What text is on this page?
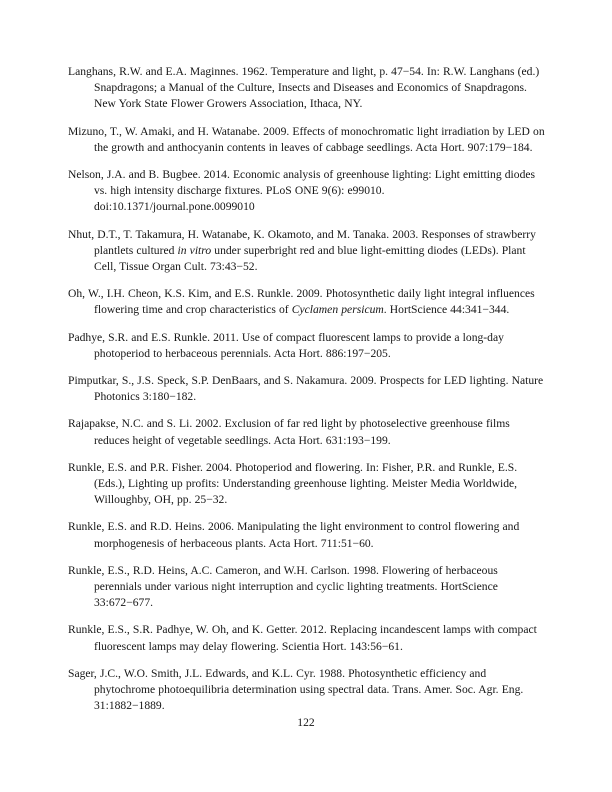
Langhans, R.W. and E.A. Maginnes. 1962. Temperature and light, p. 47−54. In: R.W. Langhans (ed.) Snapdragons; a Manual of the Culture, Insects and Diseases and Economics of Snapdragons. New York State Flower Growers Association, Ithaca, NY.

Mizuno, T., W. Amaki, and H. Watanabe. 2009. Effects of monochromatic light irradiation by LED on the growth and anthocyanin contents in leaves of cabbage seedlings. Acta Hort. 907:179−184.

Nelson, J.A. and B. Bugbee. 2014. Economic analysis of greenhouse lighting: Light emitting diodes vs. high intensity discharge fixtures. PLoS ONE 9(6): e99010. doi:10.1371/journal.pone.0099010

Nhut, D.T., T. Takamura, H. Watanabe, K. Okamoto, and M. Tanaka. 2003. Responses of strawberry plantlets cultured in vitro under superbright red and blue light-emitting diodes (LEDs). Plant Cell, Tissue Organ Cult. 73:43−52.

Oh, W., I.H. Cheon, K.S. Kim, and E.S. Runkle. 2009. Photosynthetic daily light integral influences flowering time and crop characteristics of Cyclamen persicum. HortScience 44:341−344.

Padhye, S.R. and E.S. Runkle. 2011. Use of compact fluorescent lamps to provide a long-day photoperiod to herbaceous perennials. Acta Hort. 886:197−205.

Pimputkar, S., J.S. Speck, S.P. DenBaars, and S. Nakamura. 2009. Prospects for LED lighting. Nature Photonics 3:180−182.

Rajapakse, N.C. and S. Li. 2002. Exclusion of far red light by photoselective greenhouse films reduces height of vegetable seedlings. Acta Hort. 631:193−199.

Runkle, E.S. and P.R. Fisher. 2004. Photoperiod and flowering. In: Fisher, P.R. and Runkle, E.S. (Eds.), Lighting up profits: Understanding greenhouse lighting. Meister Media Worldwide, Willoughby, OH, pp. 25−32.

Runkle, E.S. and R.D. Heins. 2006. Manipulating the light environment to control flowering and morphogenesis of herbaceous plants. Acta Hort. 711:51−60.

Runkle, E.S., R.D. Heins, A.C. Cameron, and W.H. Carlson. 1998. Flowering of herbaceous perennials under various night interruption and cyclic lighting treatments. HortScience 33:672−677.

Runkle, E.S., S.R. Padhye, W. Oh, and K. Getter. 2012. Replacing incandescent lamps with compact fluorescent lamps may delay flowering. Scientia Hort. 143:56−61.

Sager, J.C., W.O. Smith, J.L. Edwards, and K.L. Cyr. 1988. Photosynthetic efficiency and phytochrome photoequilibria determination using spectral data. Trans. Amer. Soc. Agr. Eng. 31:1882−1889.

122
